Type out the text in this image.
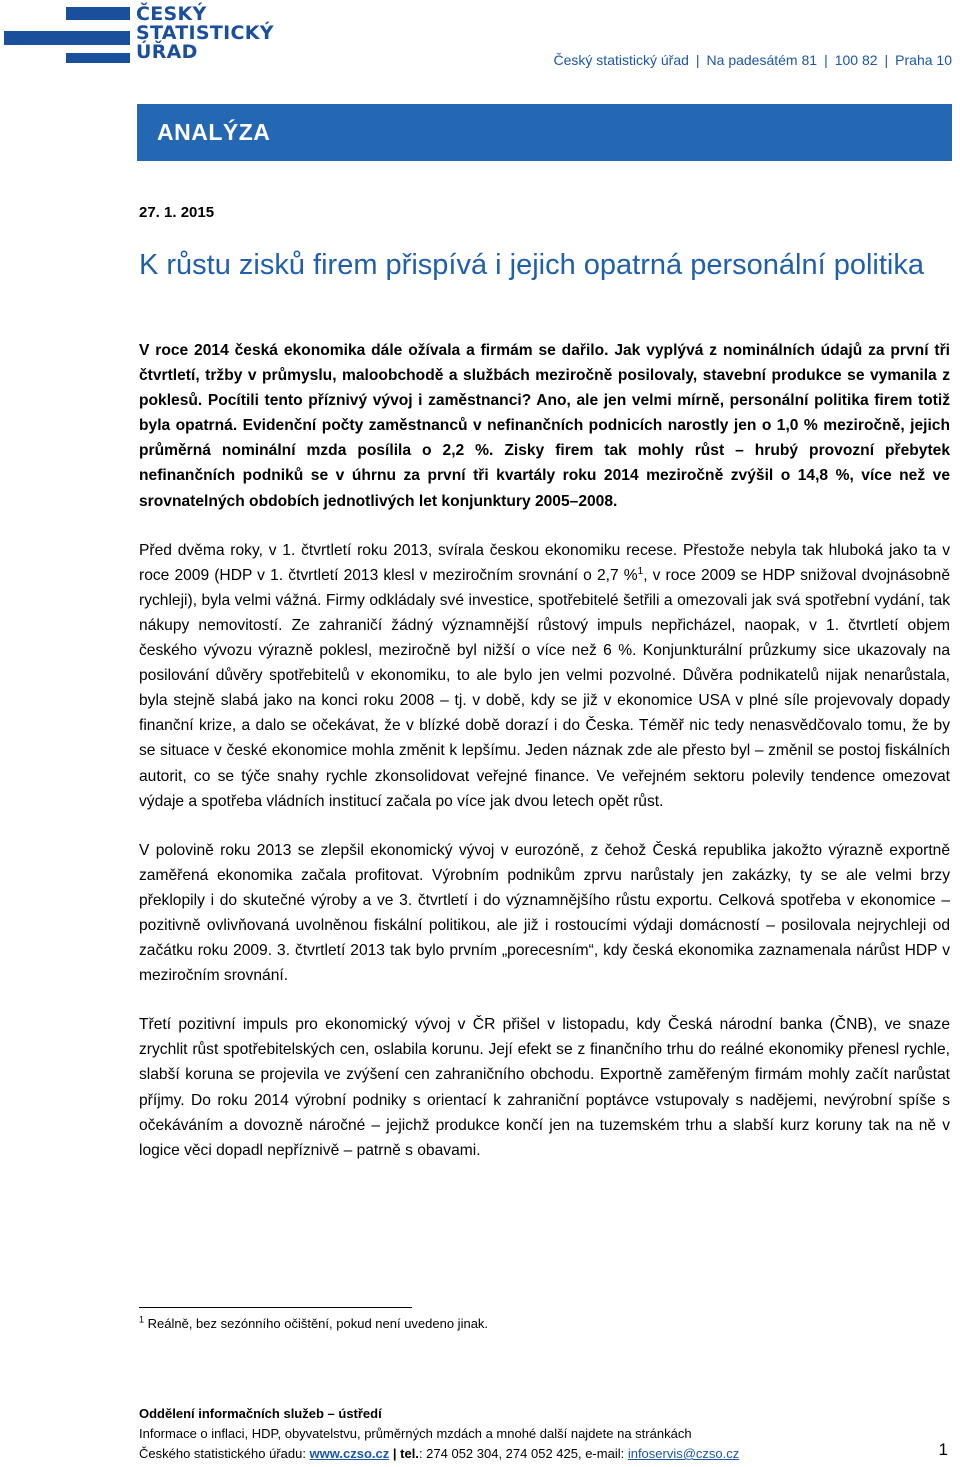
ČESKÝ
STATISTICKÝ
ÚŘAD	Český statistický úřad | Na padesátém 81 | 100 82 | Praha 10
ANALÝZA
27. 1. 2015
K růstu zisků firem přispívá i jejich opatrná personální politika

V roce 2014 česká ekonomika dále ožívala a firmám se dařilo. Jak vyplývá z nominálních údajů za první tři čtvrtletí, tržby v průmyslu, maloobchodě a službách meziročně posilovaly, stavební produkce se vymanila z poklesů. Pocítili tento příznivý vývoj i zaměstnanci? Ano, ale jen velmi mírně, personální politika firem totiž byla opatrná. Evidenční počty zaměstnanců v nefinančních podnicích narostly jen o 1,0 % meziročně, jejich průměrná nominální mzda posílila o 2,2 %. Zisky firem tak mohly růst – hrubý provozní přebytek nefinančních podniků se v úhrnu za první tři kvartály roku 2014 meziročně zvýšil o 14,8 %, více než ve srovnatelných obdobích jednotlivých let konjunktury 2005–2008.

Před dvěma roky, v 1. čtvrtletí roku 2013, svírala českou ekonomiku recese. Přestože nebyla tak hluboká jako ta v roce 2009 (HDP v 1. čtvrtletí 2013 klesl v meziročním srovnání o 2,7 %$^1$, v roce 2009 se HDP snižoval dvojnásobně rychleji), byla velmi vážná. Firmy odkládaly své investice, spotřebitelé šetřili a omezovali jak svá spotřební vydání, tak nákupy nemovitostí. Ze zahraničí žádný významnější růstový impuls nepřicházel, naopak, v 1. čtvrtletí objem českého vývozu výrazně poklesl, meziročně byl nižší o více než 6 %. Konjunkturální průzkumy sice ukazovaly na posilování důvěry spotřebitelů v ekonomiku, to ale bylo jen velmi pozvolné. Důvěra podnikatelů nijak nenarůstala, byla stejně slabá jako na konci roku 2008 – tj. v době, kdy se již v ekonomice USA v plné síle projevovaly dopady finanční krize, a dalo se očekávat, že v blízké době dorazí i do Česka. Téměř nic tedy nenasvědčovalo tomu, že by se situace v české ekonomice mohla změnit k lepšímu. Jeden náznak zde ale přesto byl – změnil se postoj fiskálních autorit, co se týče snahy rychle zkonsolidovat veřejné finance. Ve veřejném sektoru polevily tendence omezovat výdaje a spotřeba vládních institucí začala po více jak dvou letech opět růst.

V polovině roku 2013 se zlepšil ekonomický vývoj v eurozóně, z čehož Česká republika jakožto výrazně exportně zaměřená ekonomika začala profitovat. Výrobním podnikům zprvu narůstaly jen zakázky, ty se ale velmi brzy překlopily i do skutečné výroby a ve 3. čtvrtletí i do významnějšího růstu exportu. Celková spotřeba v ekonomice – pozitivně ovlivňovaná uvolněnou fiskální politikou, ale již i rostoucími výdaji domácností – posilovala nejrychleji od začátku roku 2009. 3. čtvrtletí 2013 tak bylo prvním „porecesním“, kdy česká ekonomika zaznamenala nárůst HDP v meziročním srovnání.

Třetí pozitivní impuls pro ekonomický vývoj v ČR přišel v listopadu, kdy Česká národní banka (ČNB), ve snaze zrychlit růst spotřebitelských cen, oslabila korunu. Její efekt se z finančního trhu do reálné ekonomiky přenesl rychle, slabší koruna se projevila ve zvýšení cen zahraničního obchodu. Exportně zaměřeným firmám mohly začít narůstat příjmy. Do roku 2014 výrobní podniky s orientací k zahraniční poptávce vstupovaly s nadějemi, nevýrobní spíše s očekáváním a dovozně náročné – jejichž produkce končí jen na tuzemském trhu a slabší kurz koruny tak na ně v logice věci dopadl nepříznivě – patrně s obavami.

$^1$ Reálně, bez sezónního očištění, pokud není uvedeno jinak.
Oddělení informačních služeb – ústředí
Informace o inflaci, HDP, obyvatelstvu, průměrných mzdách a mnohé další najdete na stránkách
Českého statistického úřadu: www.czso.cz | tel.: 274 052 304, 274 052 425, e-mail: infoservis@czso.cz	1
